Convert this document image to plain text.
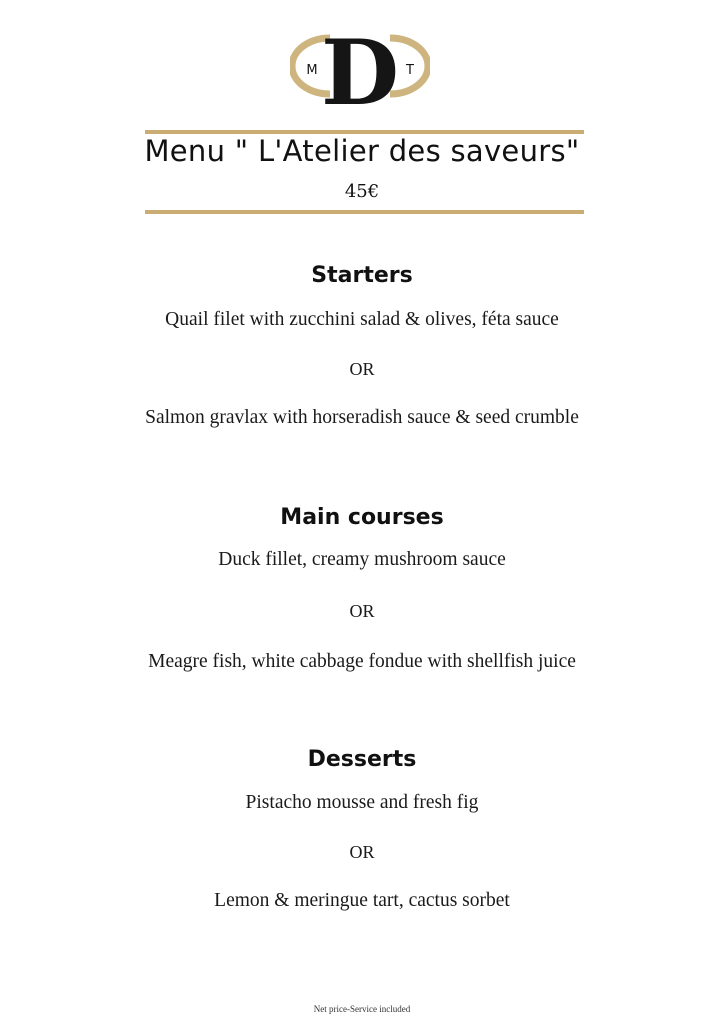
D
M	T
Menu " L'Atelier des saveurs"
45€
Starters
Quail filet with zucchini salad & olives, féta sauce
OR
Salmon gravlax with horseradish sauce & seed crumble
Main courses
Duck fillet, creamy mushroom sauce
OR
Meagre fish, white cabbage fondue with shellfish juice
Desserts
Pistacho mousse and fresh fig
OR
Lemon & meringue tart, cactus sorbet
Net price-Service included
